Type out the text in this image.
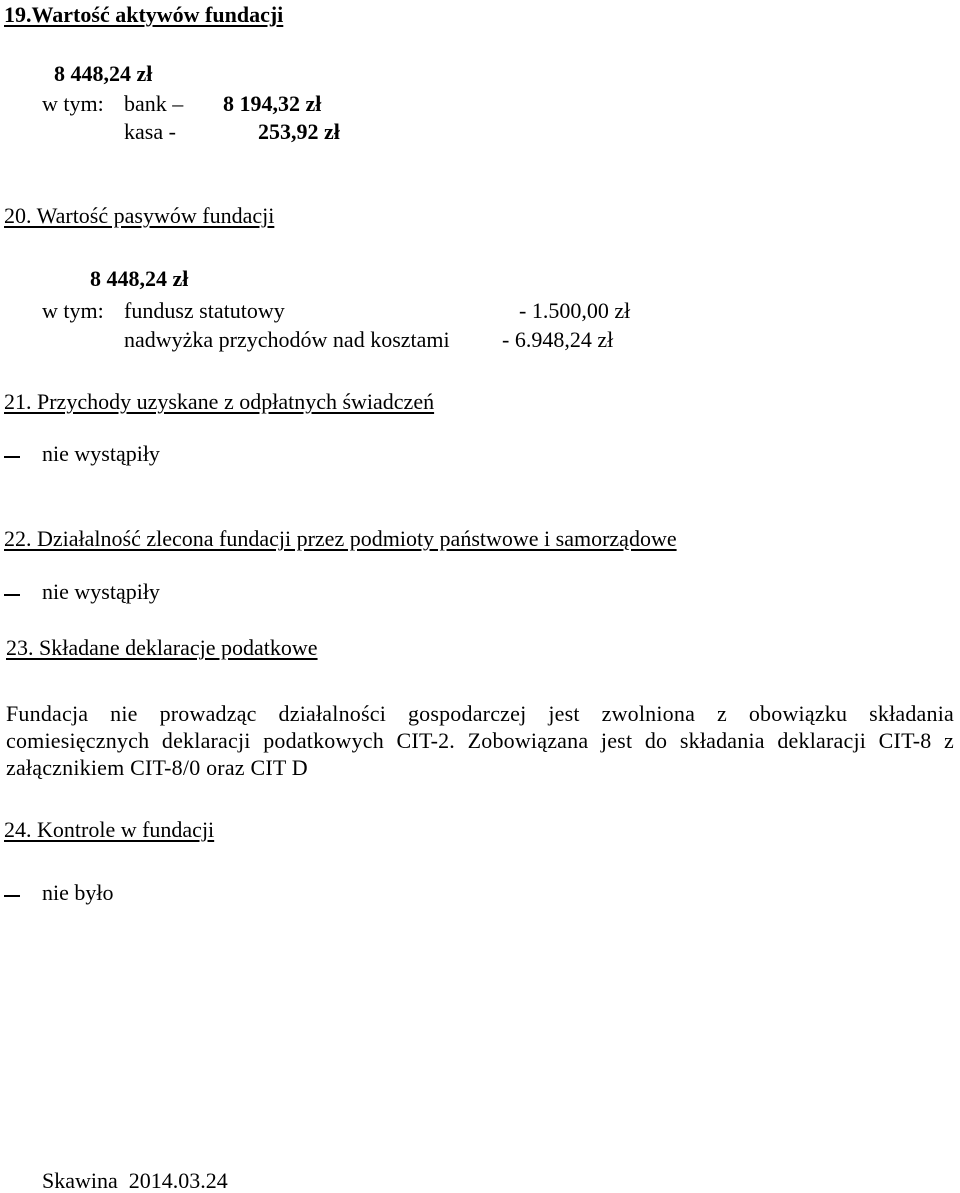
19.Wartość aktywów fundacji
8 448,24 zł
w tym: bank – 8 194,32 zł
kasa -	253,92 zł
20. Wartość pasywów fundacji
8 448,24 zł
w tym: fundusz statutowy	- 1.500,00 zł
nadwyżka przychodów nad kosztami - 6.948,24 zł
21. Przychody uzyskane z odpłatnych świadczeń
nie wystąpiły
22. Działalność zlecona fundacji przez podmioty państwowe i samorządowe
nie wystąpiły
23. Składane deklaracje podatkowe
Fundacja nie prowadząc działalności gospodarczej jest zwolniona z obowiązku składania comiesięcznych deklaracji podatkowych CIT-2. Zobowiązana jest do składania deklaracji CIT-8 z załącznikiem CIT-8/0 oraz CIT D
24. Kontrole w fundacji
nie było
Skawina  2014.03.24
